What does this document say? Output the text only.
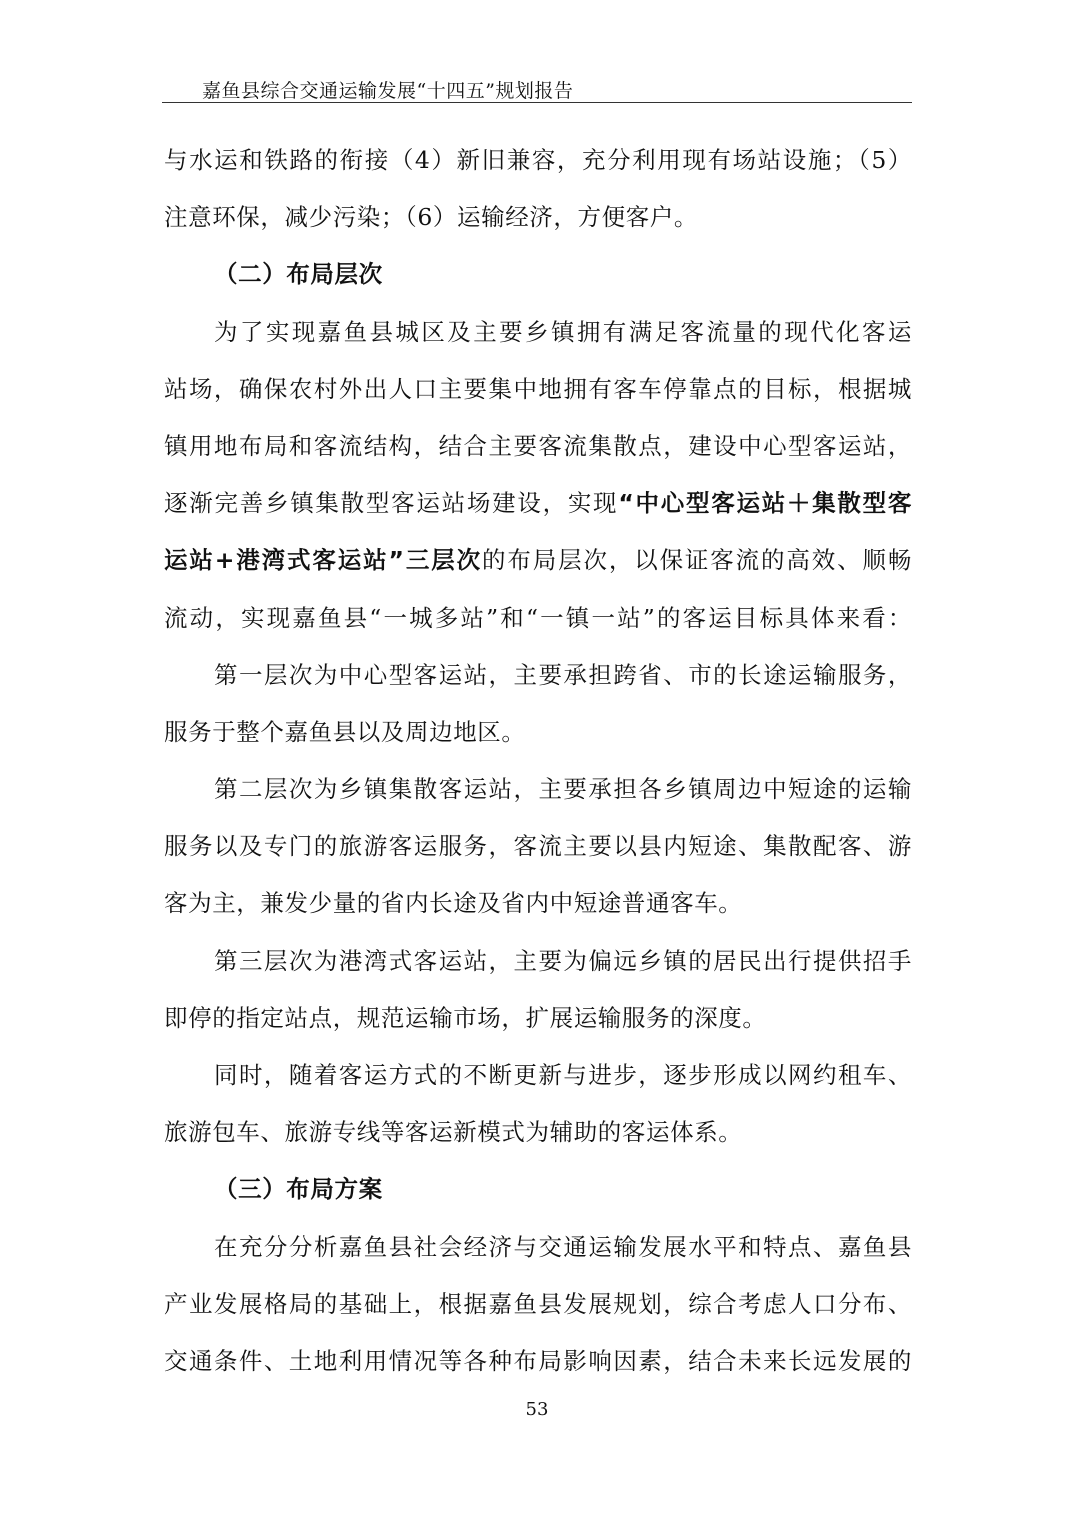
嘉鱼县综合交通运输发展“十四五”规划报告
与水运和铁路的衔接（4）新旧兼容，充分利用现有场站设施；（5）
注意环保，减少污染；（6）运输经济，方便客户。
（二）布局层次
为了实现嘉鱼县城区及主要乡镇拥有满足客流量的现代化客运
站场，确保农村外出人口主要集中地拥有客车停靠点的目标，根据城
镇用地布局和客流结构，结合主要客流集散点，建设中心型客运站，
逐渐完善乡镇集散型客运站场建设，实现“中心型客运站＋集散型客
运站+港湾式客运站”三层次的布局层次，以保证客流的高效、顺畅
流动，实现嘉鱼县“一城多站”和“一镇一站”的客运目标具体来看：
第一层次为中心型客运站，主要承担跨省、市的长途运输服务，
服务于整个嘉鱼县以及周边地区。
第二层次为乡镇集散客运站，主要承担各乡镇周边中短途的运输
服务以及专门的旅游客运服务，客流主要以县内短途、集散配客、游
客为主，兼发少量的省内长途及省内中短途普通客车。
第三层次为港湾式客运站，主要为偏远乡镇的居民出行提供招手
即停的指定站点，规范运输市场，扩展运输服务的深度。
同时，随着客运方式的不断更新与进步，逐步形成以网约租车、
旅游包车、旅游专线等客运新模式为辅助的客运体系。
（三）布局方案
在充分分析嘉鱼县社会经济与交通运输发展水平和特点、嘉鱼县
产业发展格局的基础上，根据嘉鱼县发展规划，综合考虑人口分布、
交通条件、土地利用情况等各种布局影响因素，结合未来长远发展的
53
